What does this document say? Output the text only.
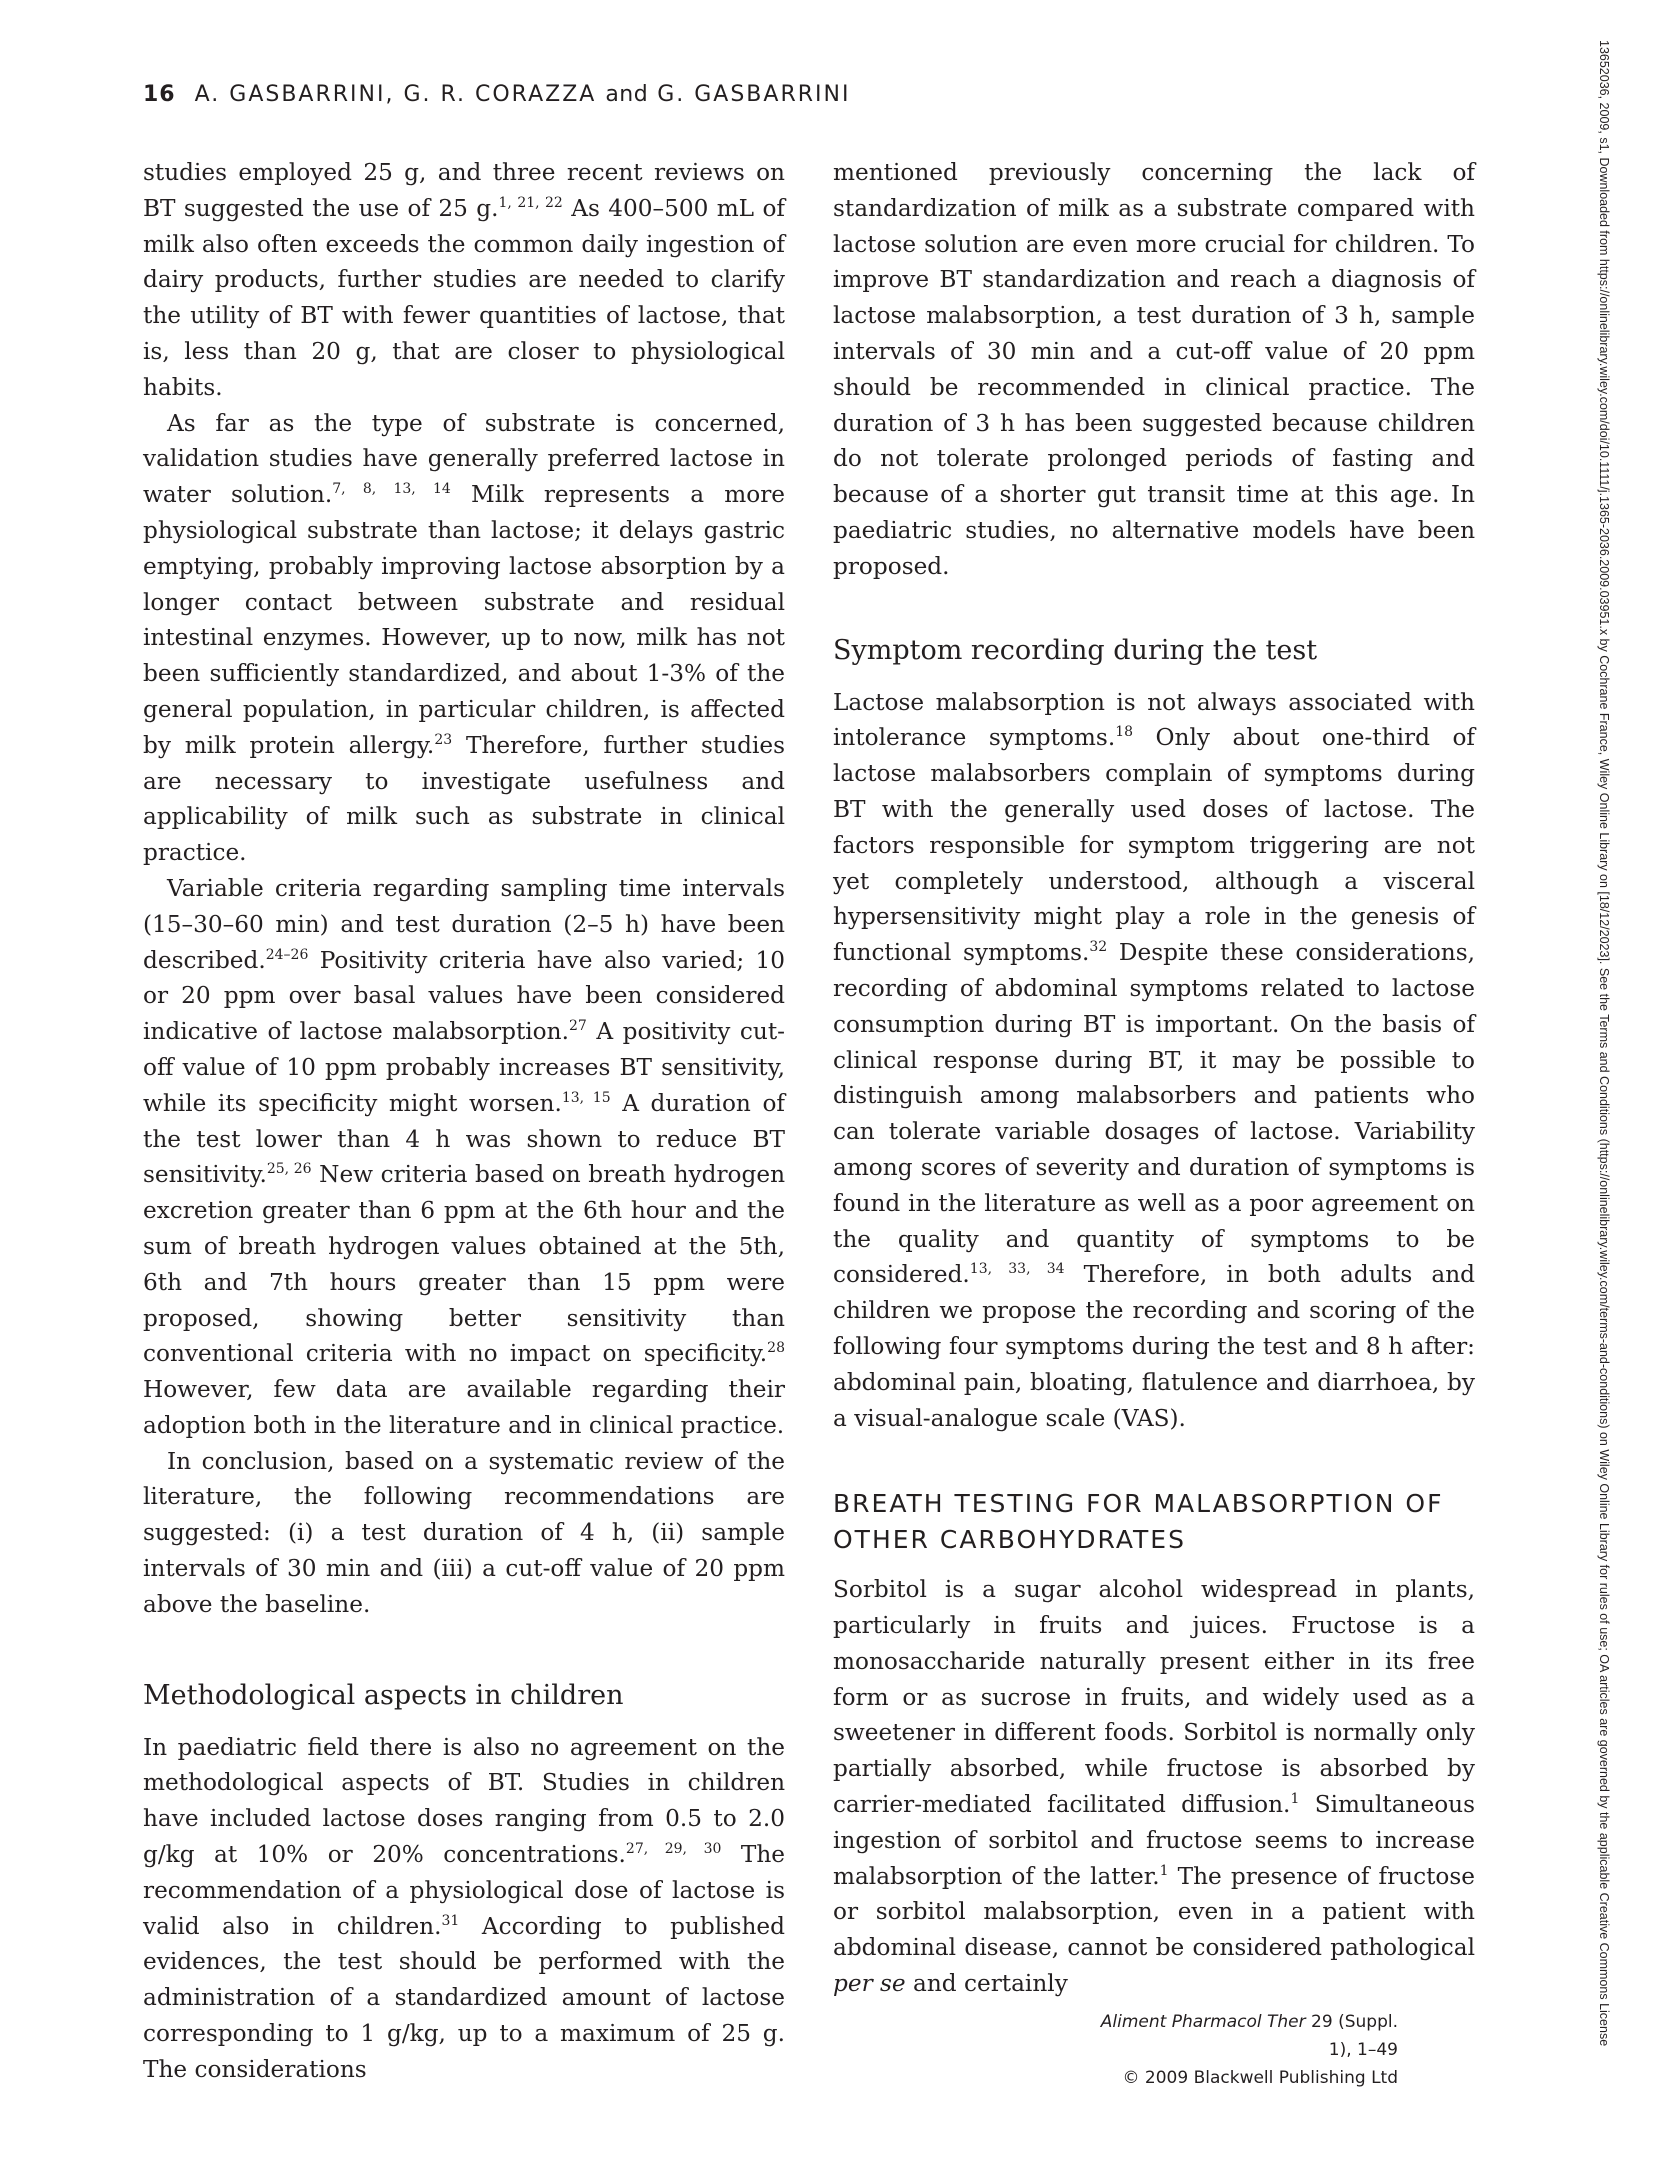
16 A. GASBARRINI, G. R. CORAZZA and G. GASBARRINI

studies employed 25 g, and three recent reviews on BT suggested the use of 25 g.$^{1, 21, 22}$ As 400–500 mL of milk also often exceeds the common daily ingestion of dairy products, further studies are needed to clarify the utility of BT with fewer quantities of lactose, that is, less than 20 g, that are closer to physiological habits.

As far as the type of substrate is concerned, validation studies have generally preferred lactose in water solution.$^{7, 8, 13, 14}$ Milk represents a more physiological substrate than lactose; it delays gastric emptying, probably improving lactose absorption by a longer contact between substrate and residual intestinal enzymes. However, up to now, milk has not been sufficiently standardized, and about 1-3% of the general population, in particular children, is affected by milk protein allergy.$^{23}$ Therefore, further studies are necessary to investigate usefulness and applicability of milk such as substrate in clinical practice.

Variable criteria regarding sampling time intervals (15–30–60 min) and test duration (2–5 h) have been described.$^{24-26}$ Positivity criteria have also varied; 10 or 20 ppm over basal values have been considered indicative of lactose malabsorption.$^{27}$ A positivity cut-off value of 10 ppm probably increases BT sensitivity, while its specificity might worsen.$^{13, 15}$ A duration of the test lower than 4 h was shown to reduce BT sensitivity.$^{25, 26}$ New criteria based on breath hydrogen excretion greater than 6 ppm at the 6th hour and the sum of breath hydrogen values obtained at the 5th, 6th and 7th hours greater than 15 ppm were proposed, showing better sensitivity than conventional criteria with no impact on specificity.$^{28}$ However, few data are available regarding their adoption both in the literature and in clinical practice.

In conclusion, based on a systematic review of the literature, the following recommendations are suggested: (i) a test duration of 4 h, (ii) sample intervals of 30 min and (iii) a cut-off value of 20 ppm above the baseline.

Methodological aspects in children

In paediatric field there is also no agreement on the methodological aspects of BT. Studies in children have included lactose doses ranging from 0.5 to 2.0 g/kg at 10% or 20% concentrations.$^{27, 29, 30}$ The recommendation of a physiological dose of lactose is valid also in children.$^{31}$ According to published evidences, the test should be performed with the administration of a standardized amount of lactose corresponding to 1 g/kg, up to a maximum of 25 g. The considerations

mentioned previously concerning the lack of standardization of milk as a substrate compared with lactose solution are even more crucial for children. To improve BT standardization and reach a diagnosis of lactose malabsorption, a test duration of 3 h, sample intervals of 30 min and a cut-off value of 20 ppm should be recommended in clinical practice. The duration of 3 h has been suggested because children do not tolerate prolonged periods of fasting and because of a shorter gut transit time at this age. In paediatric studies, no alternative models have been proposed.

Symptom recording during the test

Lactose malabsorption is not always associated with intolerance symptoms.$^{18}$ Only about one-third of lactose malabsorbers complain of symptoms during BT with the generally used doses of lactose. The factors responsible for symptom triggering are not yet completely understood, although a visceral hypersensitivity might play a role in the genesis of functional symptoms.$^{32}$ Despite these considerations, recording of abdominal symptoms related to lactose consumption during BT is important. On the basis of clinical response during BT, it may be possible to distinguish among malabsorbers and patients who can tolerate variable dosages of lactose. Variability among scores of severity and duration of symptoms is found in the literature as well as a poor agreement on the quality and quantity of symptoms to be considered.$^{13, 33, 34}$ Therefore, in both adults and children we propose the recording and scoring of the following four symptoms during the test and 8 h after: abdominal pain, bloating, flatulence and diarrhoea, by a visual-analogue scale (VAS).

BREATH TESTING FOR MALABSORPTION OF
OTHER CARBOHYDRATES

Sorbitol is a sugar alcohol widespread in plants, particularly in fruits and juices. Fructose is a monosaccharide naturally present either in its free form or as sucrose in fruits, and widely used as a sweetener in different foods. Sorbitol is normally only partially absorbed, while fructose is absorbed by carrier-mediated facilitated diffusion.$^1$ Simultaneous ingestion of sorbitol and fructose seems to increase malabsorption of the latter.$^1$ The presence of fructose or sorbitol malabsorption, even in a patient with abdominal disease, cannot be considered pathological per se and certainly

Aliment Pharmacol Ther 29 (Suppl. 1), 1–49
© 2009 Blackwell Publishing Ltd
13652036, 2009, s1, Downloaded from https://onlinelibrary.wiley.com/doi/10.1111/j.1365-2036.2009.03951.x by Cochrane France, Wiley Online Library on [18/12/2023]. See the Terms and Conditions (https://onlinelibrary.wiley.com/terms-and-conditions) on Wiley Online Library for rules of use; OA articles are governed by the applicable Creative Commons License
